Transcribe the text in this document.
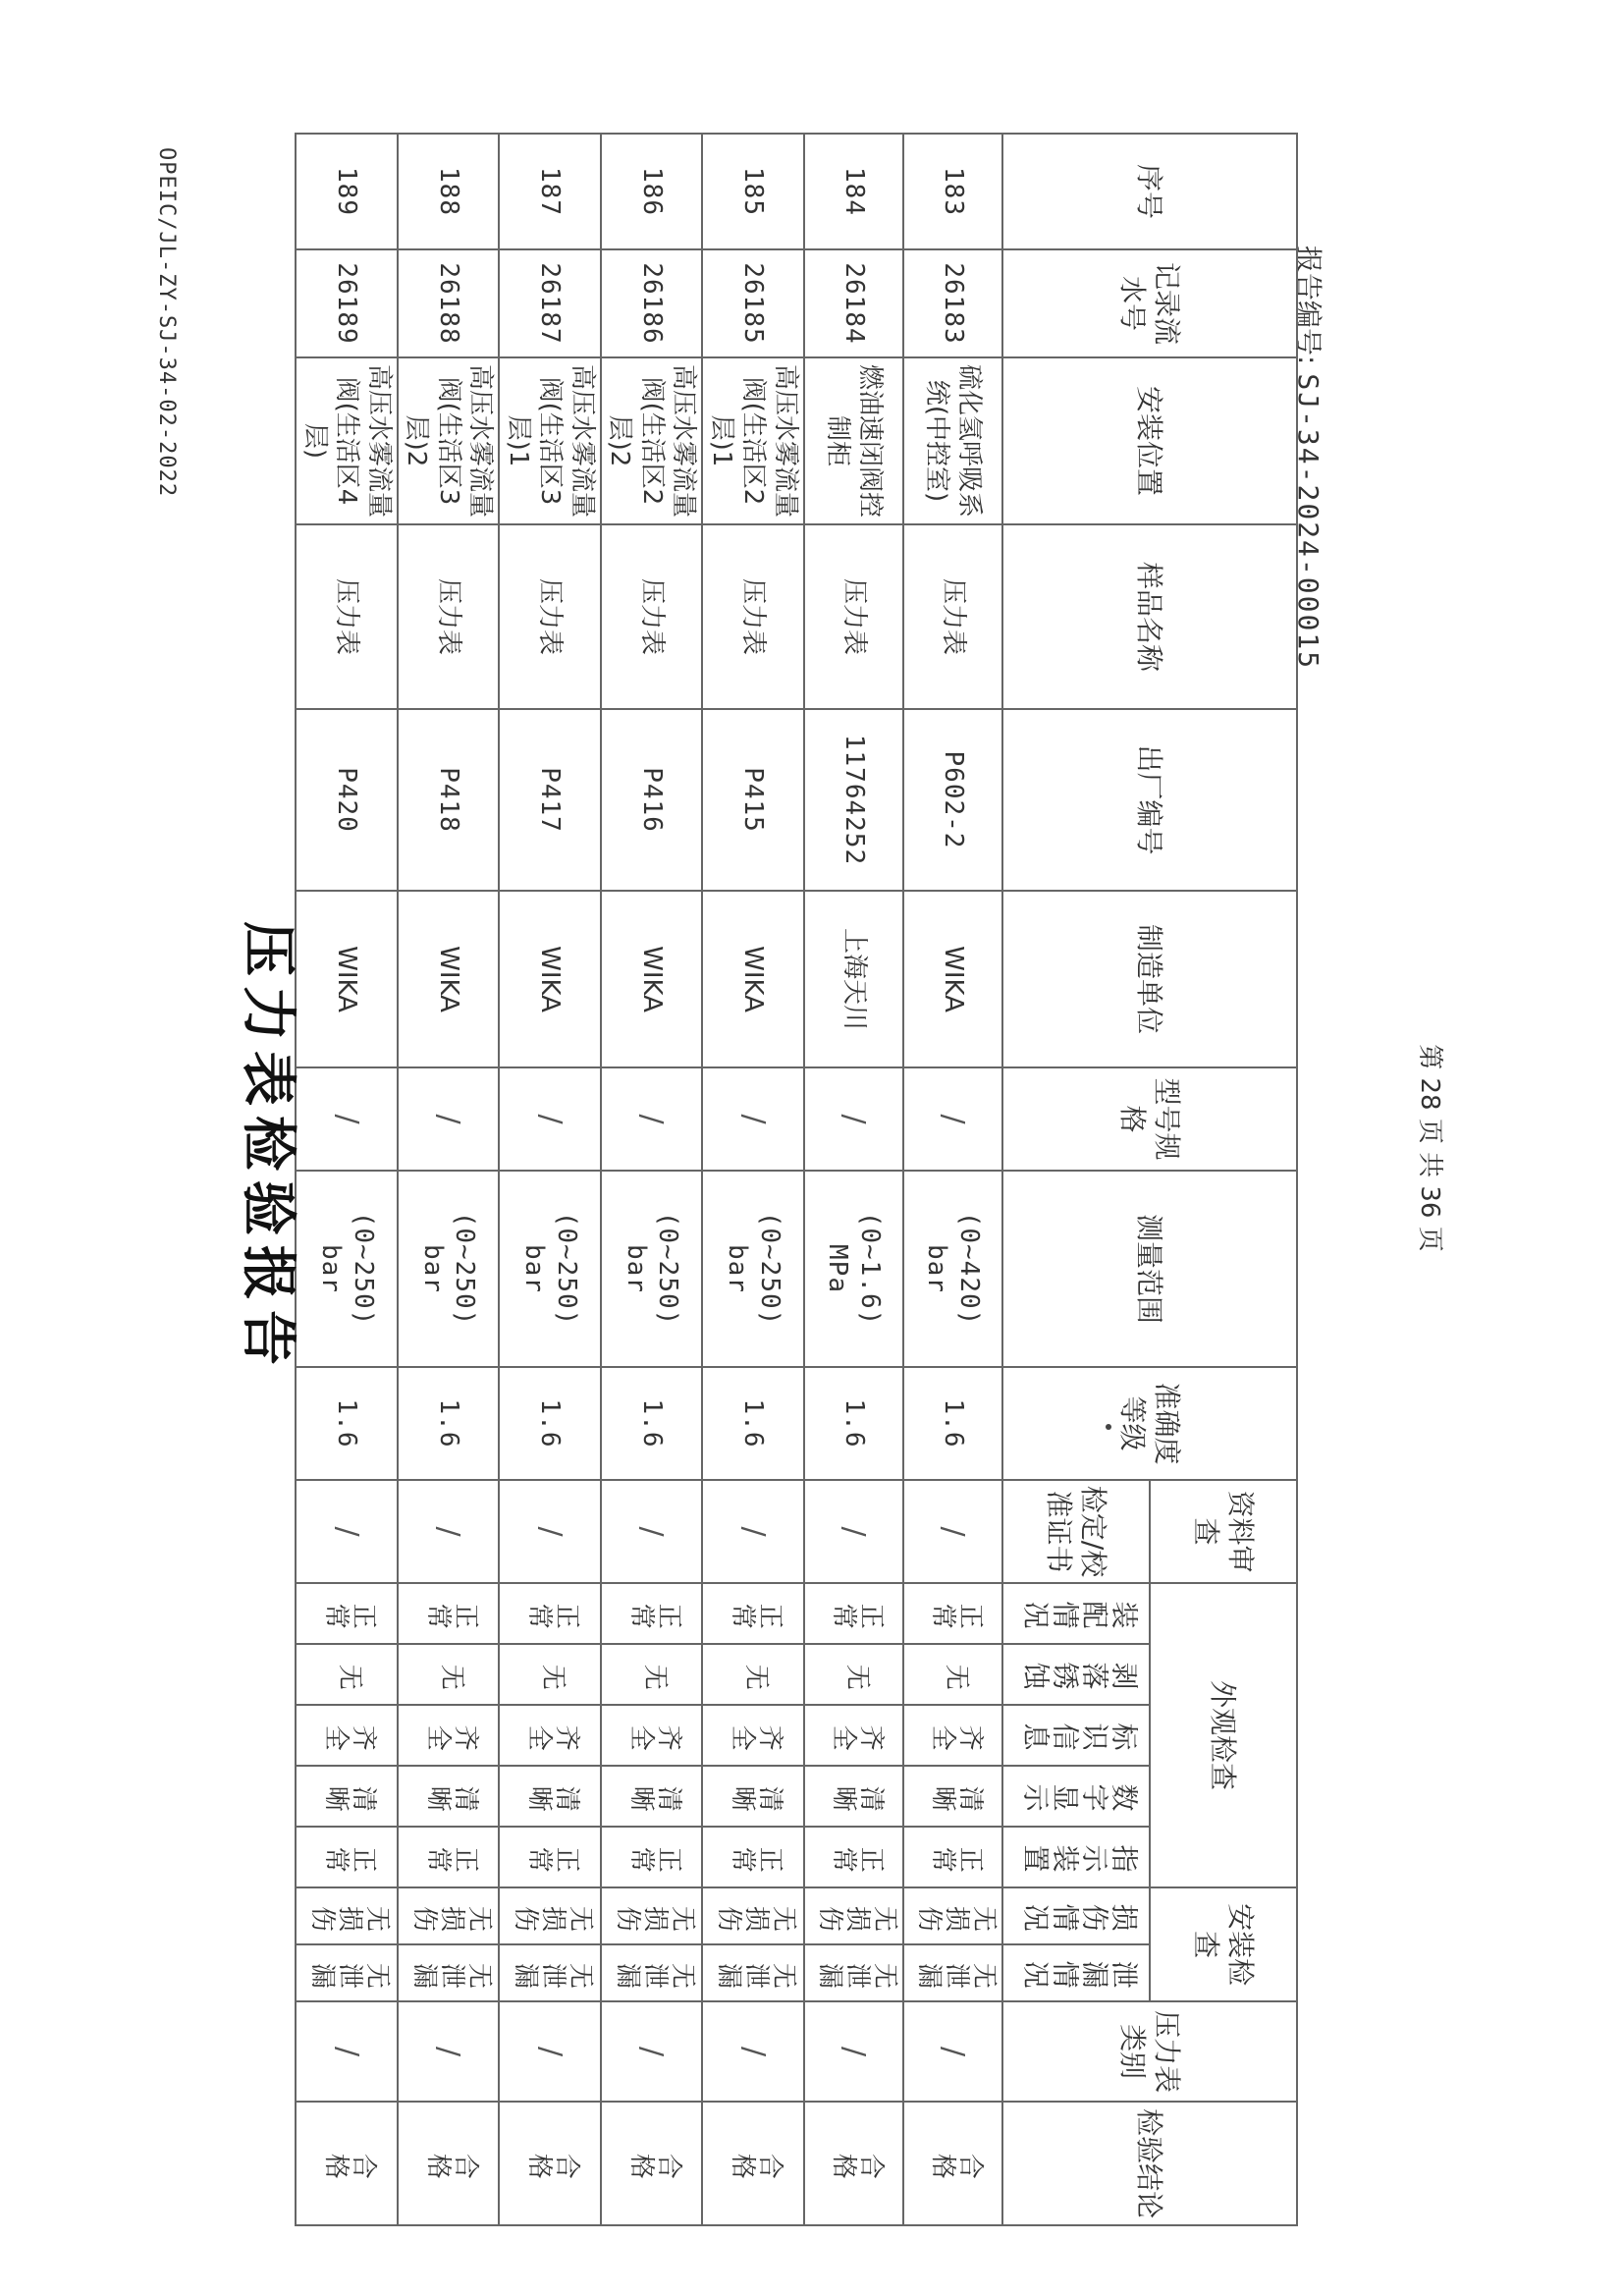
报告编号: SJ-34-2024-00015
序号	记录流水号	安装位置	样品名称	出厂编号	制造单位	型号规格	测量范围	准确度等级	资料审查	外观检查					安装检查		压力表类别	检验结论
									检定/校准证书	装配情况	剥落锈蚀	标识信息	数字显示	指示装置	损伤情况	泄漏情况		
183	26183	硫化氢呼吸系统(中控室)	压力表	P602-2	WIKA	/	(0~420)
bar	1.6	/	正常	无	齐全	清晰	正常	无损伤	无泄漏	/	合格
184	26184	燃油速闭阀控制柜	压力表	11764252	上海天川	/	(0~1.6)
MPa	1.6	/	正常	无	齐全	清晰	正常	无损伤	无泄漏	/	合格
185	26185	高压水雾流量阀(生活区2层)1	压力表	P415	WIKA	/	(0~250)
bar	1.6	/	正常	无	齐全	清晰	正常	无损伤	无泄漏	/	合格
186	26186	高压水雾流量阀(生活区2层)2	压力表	P416	WIKA	/	(0~250)
bar	1.6	/	正常	无	齐全	清晰	正常	无损伤	无泄漏	/	合格
187	26187	高压水雾流量阀(生活区3层)1	压力表	P417	WIKA	/	(0~250)
bar	1.6	/	正常	无	齐全	清晰	正常	无损伤	无泄漏	/	合格
188	26188	高压水雾流量阀(生活区3层)2	压力表	P418	WIKA	/	(0~250)
bar	1.6	/	正常	无	齐全	清晰	正常	无损伤	无泄漏	/	合格
189	26189	高压水雾流量阀(生活区4层)	压力表	P420	WIKA	/	(0~250)
bar	1.6	/	正常	无	齐全	清晰	正常	无损伤	无泄漏	/	合格
压力表检验报告	第 28 页 共 36 页
OPEIC/JL-ZY-SJ-34-02-2022
